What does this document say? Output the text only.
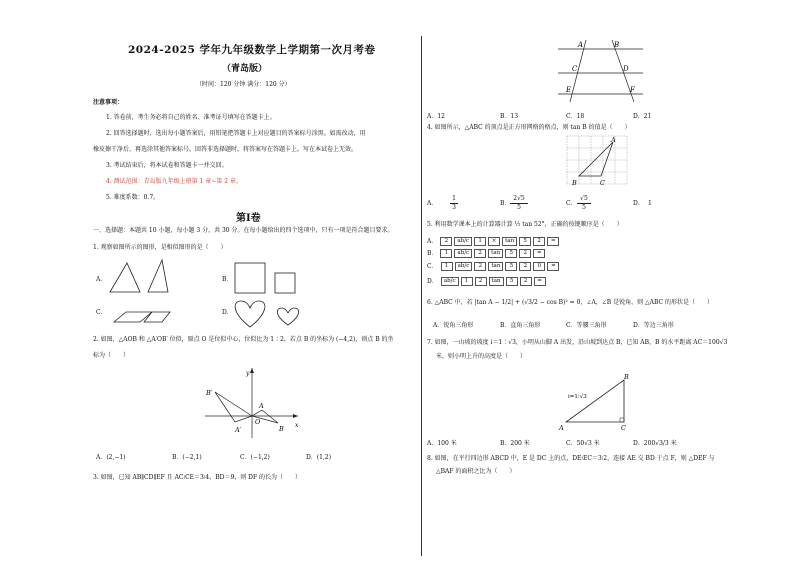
2024-2025 学年九年级数学上学期第一次月考卷
（青岛版）
（时间：120 分钟 满分：120 分）
注意事项：
1. 答卷前，考生务必将自己的姓名、准考证号填写在答题卡上。
2. 回答选择题时，选出每小题答案后，用铅笔把答题卡上对应题目的答案标号涂黑。如需改动，用
橡皮擦干净后，再选涂其他答案标号。回答非选择题时，将答案写在答题卡上。写在本试卷上无效。
3. 考试结束后，将本试卷和答题卡一并交回。
4. 测试范围：青岛版九年级上册第 1 章~第 2 章。
5. 难度系数：0.7。
第Ⅰ卷
一、选择题：本题共 10 小题，每小题 3 分，共 30 分。在每小题给出的四个选项中，只有一项是符合题目要求。
1. 观察如图所示的图形，是相似图形的是（　　）
A．	B．
C．	D．
2. 如图，△AOB 和 △A′OB′ 位似，原点 O 是位似中心，位似比为 1∶2，若点 B 的坐标为 (−4,2)，则点 B 的坐
标为（　　）
y
x
B′
A
O
A′	B
A．(2,−1)	B．(−2,1)	C．(−1,2)	D．(1,2)
3. 如图，已知 AB∥CD∥EF 且 AC∶CE＝3∶4，BD＝9，则 DF 的长为（　　）
A	B
C	D
E	F
A．12	B．13	C．18	D．21
4. 如图所示，△ABC 的顶点是正方形网格的格点，则 tan B 的值是（　　）
A
B	C
A．
1
3
B．
2√5
5
C．
√5
5
D． 1
5. 利用数学课本上的计算器计算 ½ tan 52°，正确的按键顺序是（　　）
A．	2	ab/c	1	×	tan	5	2	=
B．	1	ab/c	2	tan	5	2	=
C．	1	ab/c	2	tan	5	2	0	=
D．	ab/c	1	2	tan	5	2	=
6. △ABC 中，若 |tan A − 1/2| + (√3/2 − cos B)² = 0，∠A，∠B 是锐角，则 △ABC 的形状是（　　）
A．锐角三角形	B．直角三角形	C．等腰三角形	D．等边三角形
7. 如图，一山坡的坡度 i＝1∶√3，小明从山脚 A 出发，沿山坡到达点 B，已知 AB，B 的水平距离 AC＝100√3
米，则小明上升的高度是（　　）
B
A	C
i=1:√3
A．100 米	B．200 米	C．50√3 米	D．200√3/3 米
8. 如图，在平行四边形 ABCD 中，E 是 DC 上的点，DE∶EC＝3∶2，连接 AE 交 BD 于点 F，则 △DEF 与
△BAF 的面积之比为（　　）
